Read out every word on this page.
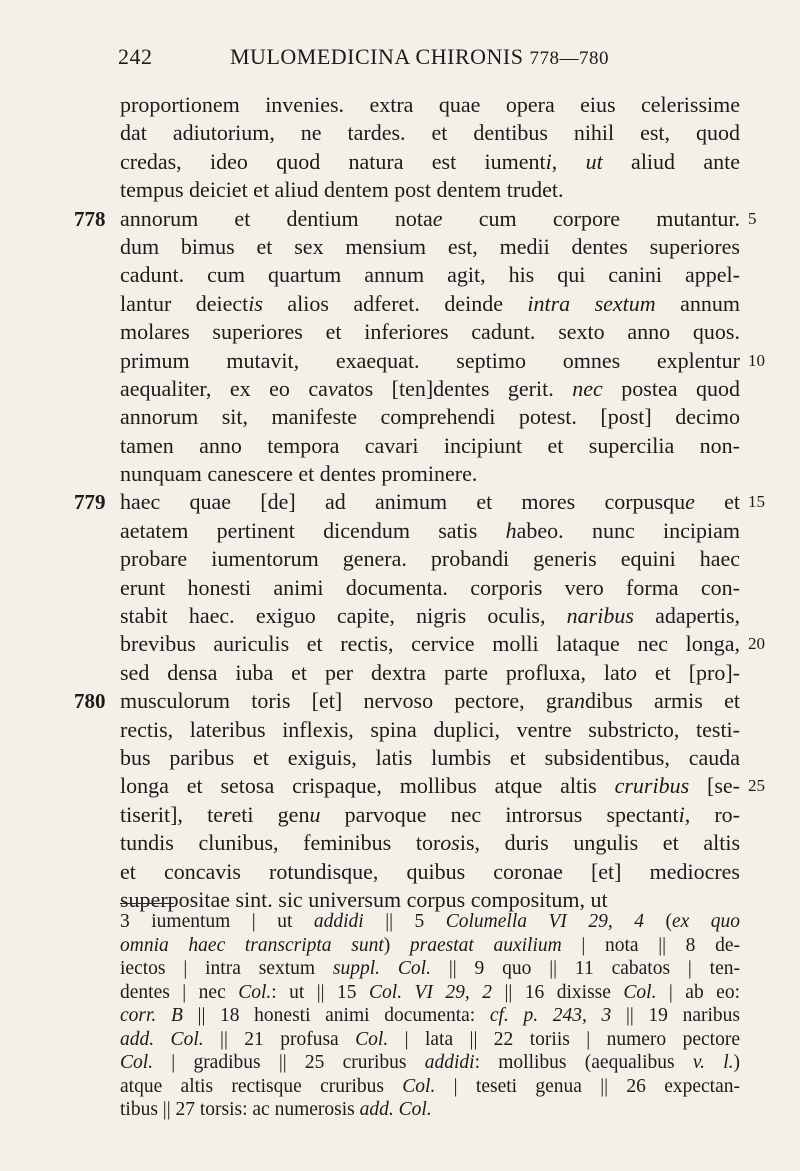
242	MULOMEDICINA CHIRONIS 778—780
proportionem invenies. extra quae opera eius celerissime
dat adiutorium, ne tardes. et dentibus nihil est, quod
credas, ideo quod natura est iumenti, ut aliud ante
tempus deiciet et aliud dentem post dentem trudet.
annorum et dentium notae cum corpore mutantur.
778	5
dum bimus et sex mensium est, medii dentes superiores
cadunt. cum quartum annum agit, his qui canini appel-
lantur deiectis alios adferet. deinde intra sextum annum
molares superiores et inferiores cadunt. sexto anno quos.
primum mutavit, exaequat. septimo omnes explentur 10
aequaliter, ex eo cavatos [ten]dentes gerit. nec postea quod
annorum sit, manifeste comprehendi potest. [post] decimo
tamen anno tempora cavari incipiunt et supercilia non-
nunquam canescere et dentes prominere.
haec quae [de] ad animum et mores corpusque et
779	15
aetatem pertinent dicendum satis habeo. nunc incipiam
probare iumentorum genera. probandi generis equini haec
erunt honesti animi documenta. corporis vero forma con-
stabit haec. exiguo capite, nigris oculis, naribus adapertis,
brevibus auriculis et rectis, cervice molli lataque nec longa, 20
sed densa iuba et per dextra parte profluxa, lato et [pro]-
musculorum toris [et] nervoso pectore, grandibus armis et
780
rectis, lateribus inflexis, spina duplici, ventre substricto, testi-
bus paribus et exiguis, latis lumbis et subsidentibus, cauda
longa et setosa crispaque, mollibus atque altis cruribus [se- 25
tiserit], tereti genu parvoque nec introrsus spectanti, ro-
tundis clunibus, feminibus torosis, duris ungulis et altis
et concavis rotundisque, quibus coronae [et] mediocres
superpositae sint. sic universum corpus compositum, ut
3 iumentum | ut addidi || 5 Columella VI 29, 4 (ex quo
omnia haec transcripta sunt) praestat auxilium | nota || 8 de-
iectos | intra sextum suppl. Col. || 9 quo || 11 cabatos | ten-
dentes | nec Col.: ut || 15 Col. VI 29, 2 || 16 dixisse Col. | ab eo:
corr. B || 18 honesti animi documenta: cf. p. 243, 3 || 19 naribus
add. Col. || 21 profusa Col. | lata || 22 toriis | numero pectore
Col. | gradibus || 25 cruribus addidi: mollibus (aequalibus v. l.)
atque altis rectisque cruribus Col. | teseti genua || 26 expectan-
tibus || 27 torsis: ac numerosis add. Col.
